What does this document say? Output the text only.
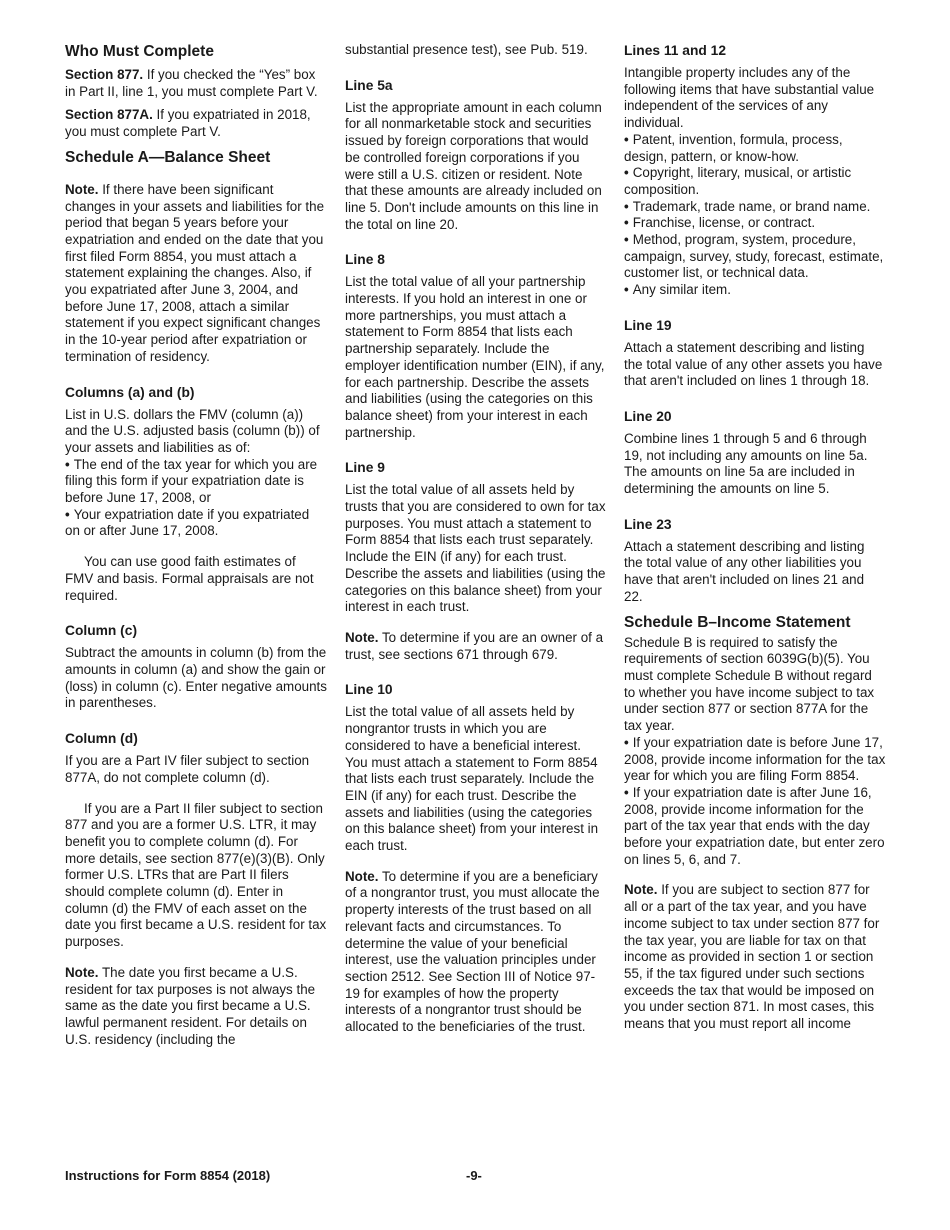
Who Must Complete

Section 877. If you checked the “Yes” box in Part II, line 1, you must complete Part V.

Section 877A. If you expatriated in 2018, you must complete Part V.

Schedule A—Balance Sheet

Note. If there have been significant changes in your assets and liabilities for the period that began 5 years before your expatriation and ended on the date that you first filed Form 8854, you must attach a statement explaining the changes. Also, if you expatriated after June 3, 2004, and before June 17, 2008, attach a similar statement if you expect significant changes in the 10-year period after expatriation or termination of residency.

Columns (a) and (b)

List in U.S. dollars the FMV (column (a)) and the U.S. adjusted basis (column (b)) of your assets and liabilities as of:

• The end of the tax year for which you are filing this form if your expatriation date is before June 17, 2008, or

• Your expatriation date if you expatriated on or after June 17, 2008.

You can use good faith estimates of FMV and basis. Formal appraisals are not required.

Column (c)

Subtract the amounts in column (b) from the amounts in column (a) and show the gain or (loss) in column (c). Enter negative amounts in parentheses.

Column (d)

If you are a Part IV filer subject to section 877A, do not complete column (d).

If you are a Part II filer subject to section 877 and you are a former U.S. LTR, it may benefit you to complete column (d). For more details, see section 877(e)(3)(B). Only former U.S. LTRs that are Part II filers should complete column (d). Enter in column (d) the FMV of each asset on the date you first became a U.S. resident for tax purposes.

Note. The date you first became a U.S. resident for tax purposes is not always the same as the date you first became a U.S. lawful permanent resident. For details on U.S. residency (including the

substantial presence test), see Pub. 519.

Line 5a

List the appropriate amount in each column for all nonmarketable stock and securities issued by foreign corporations that would be controlled foreign corporations if you were still a U.S. citizen or resident. Note that these amounts are already included on line 5. Don't include amounts on this line in the total on line 20.

Line 8

List the total value of all your partnership interests. If you hold an interest in one or more partnerships, you must attach a statement to Form 8854 that lists each partnership separately. Include the employer identification number (EIN), if any, for each partnership. Describe the assets and liabilities (using the categories on this balance sheet) from your interest in each partnership.

Line 9

List the total value of all assets held by trusts that you are considered to own for tax purposes. You must attach a statement to Form 8854 that lists each trust separately. Include the EIN (if any) for each trust. Describe the assets and liabilities (using the categories on this balance sheet) from your interest in each trust.

Note. To determine if you are an owner of a trust, see sections 671 through 679.

Line 10

List the total value of all assets held by nongrantor trusts in which you are considered to have a beneficial interest. You must attach a statement to Form 8854 that lists each trust separately. Include the EIN (if any) for each trust. Describe the assets and liabilities (using the categories on this balance sheet) from your interest in each trust.

Note. To determine if you are a beneficiary of a nongrantor trust, you must allocate the property interests of the trust based on all relevant facts and circumstances. To determine the value of your beneficial interest, use the valuation principles under section 2512. See Section III of Notice 97-19 for examples of how the property interests of a nongrantor trust should be allocated to the beneficiaries of the trust.

Lines 11 and 12

Intangible property includes any of the following items that have substantial value independent of the services of any individual.

• Patent, invention, formula, process, design, pattern, or know-how.

• Copyright, literary, musical, or artistic composition.

• Trademark, trade name, or brand name.

• Franchise, license, or contract.

• Method, program, system, procedure, campaign, survey, study, forecast, estimate, customer list, or technical data.

• Any similar item.

Line 19

Attach a statement describing and listing the total value of any other assets you have that aren't included on lines 1 through 18.

Line 20

Combine lines 1 through 5 and 6 through 19, not including any amounts on line 5a. The amounts on line 5a are included in determining the amounts on line 5.

Line 23

Attach a statement describing and listing the total value of any other liabilities you have that aren't included on lines 21 and 22.

Schedule B–Income Statement

Schedule B is required to satisfy the requirements of section 6039G(b)(5). You must complete Schedule B without regard to whether you have income subject to tax under section 877 or section 877A for the tax year.

• If your expatriation date is before June 17, 2008, provide income information for the tax year for which you are filing Form 8854.

• If your expatriation date is after June 16, 2008, provide income information for the part of the tax year that ends with the day before your expatriation date, but enter zero on lines 5, 6, and 7.

Note. If you are subject to section 877 for all or a part of the tax year, and you have income subject to tax under section 877 for the tax year, you are liable for tax on that income as provided in section 1 or section 55, if the tax figured under such sections exceeds the tax that would be imposed on you under section 871. In most cases, this means that you must report all income

Instructions for Form 8854 (2018)	-9-
